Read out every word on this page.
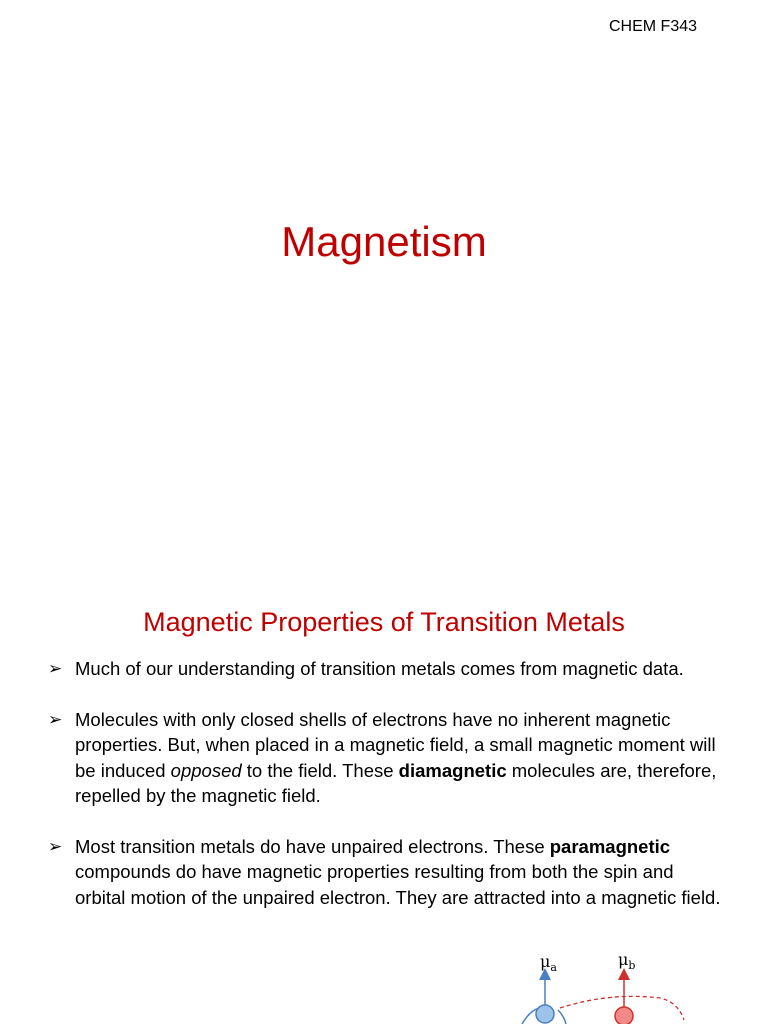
CHEM F343
Magnetism
Magnetic Properties of Transition Metals
➢ Much of our understanding of transition metals comes from magnetic data.
➢ Molecules with only closed shells of electrons have no inherent magnetic properties. But, when placed in a magnetic field, a small magnetic moment will be induced opposed to the field. These diamagnetic molecules are, therefore, repelled by the magnetic field.
➢ Most transition metals do have unpaired electrons. These paramagnetic compounds do have magnetic properties resulting from both the spin and orbital motion of the unpaired electron. They are attracted into a magnetic field.
$\mu_a$	$\mu_b$
